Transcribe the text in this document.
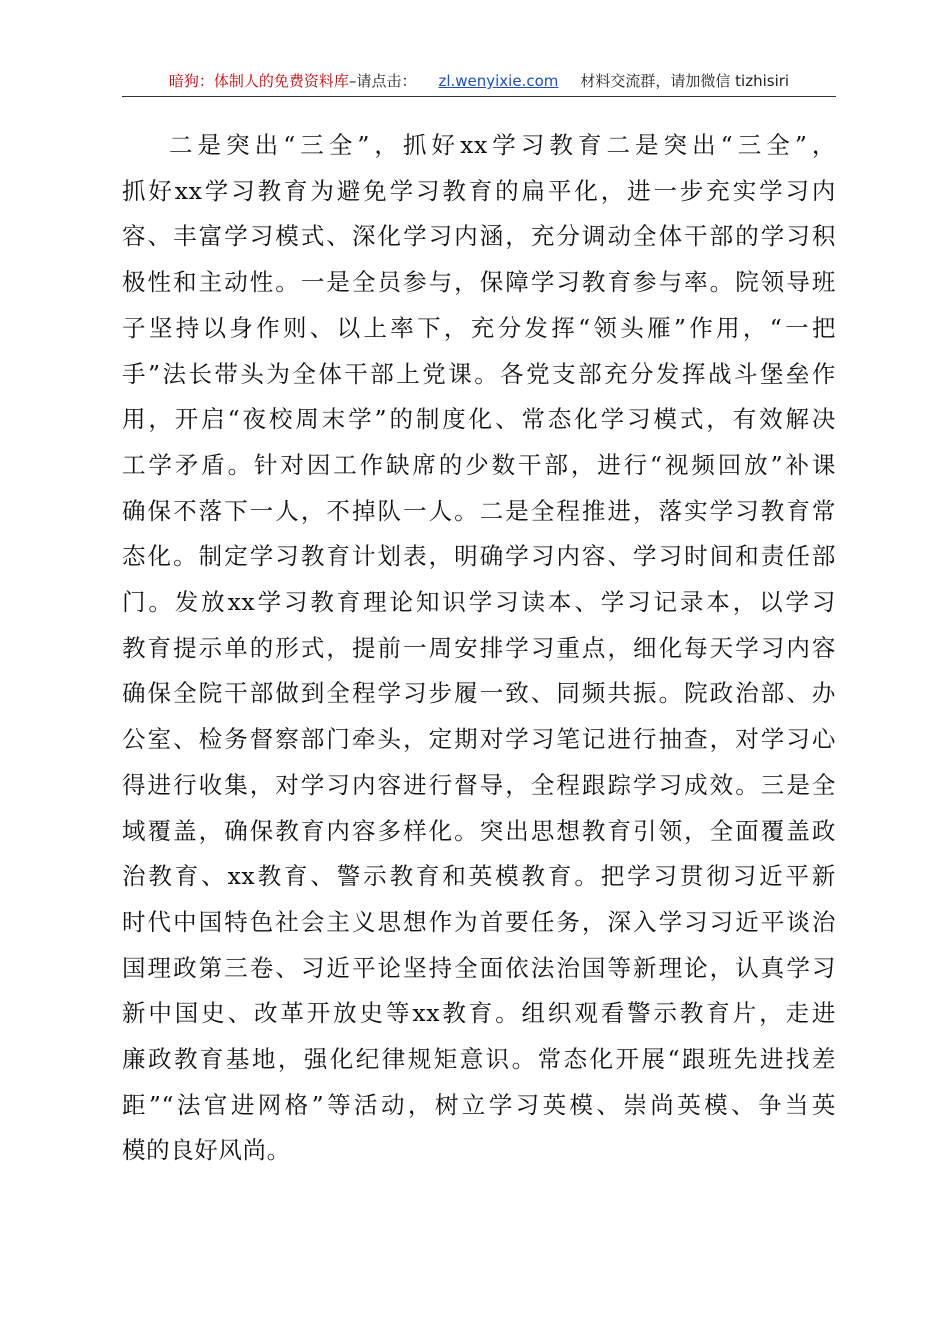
暗狗：体制人的免费资料库–请点击： zl.wenyixie.com 材料交流群，请加微信 tizhisiri
二是突出“三全”，抓好xx学习教育二是突出“三全”，
抓好xx学习教育为避免学习教育的扁平化，进一步充实学习内
容、丰富学习模式、深化学习内涵，充分调动全体干部的学习积
极性和主动性。一是全员参与，保障学习教育参与率。院领导班
子坚持以身作则、以上率下，充分发挥“领头雁”作用，“一把
手”法长带头为全体干部上党课。各党支部充分发挥战斗堡垒作
用，开启“夜校周末学”的制度化、常态化学习模式，有效解决
工学矛盾。针对因工作缺席的少数干部，进行“视频回放”补课
确保不落下一人，不掉队一人。二是全程推进，落实学习教育常
态化。制定学习教育计划表，明确学习内容、学习时间和责任部
门。发放xx学习教育理论知识学习读本、学习记录本，以学习
教育提示单的形式，提前一周安排学习重点，细化每天学习内容
确保全院干部做到全程学习步履一致、同频共振。院政治部、办
公室、检务督察部门牵头，定期对学习笔记进行抽查，对学习心
得进行收集，对学习内容进行督导，全程跟踪学习成效。三是全
域覆盖，确保教育内容多样化。突出思想教育引领，全面覆盖政
治教育、xx教育、警示教育和英模教育。把学习贯彻习近平新
时代中国特色社会主义思想作为首要任务，深入学习习近平谈治
国理政第三卷、习近平论坚持全面依法治国等新理论，认真学习
新中国史、改革开放史等xx教育。组织观看警示教育片，走进
廉政教育基地，强化纪律规矩意识。常态化开展“跟班先进找差
距”“法官进网格”等活动，树立学习英模、崇尚英模、争当英
模的良好风尚。
